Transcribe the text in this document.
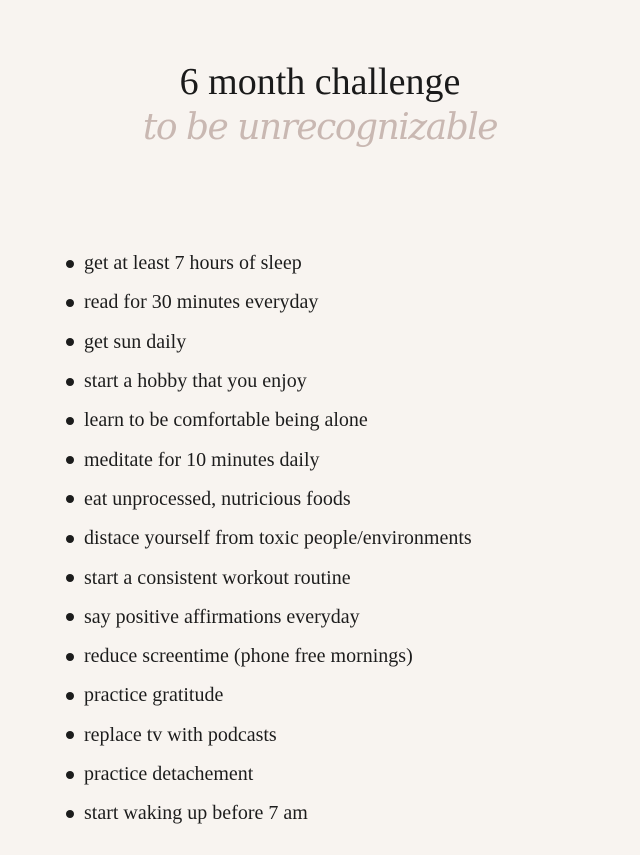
6 month challenge
to be unrecognizable
get at least 7 hours of sleep
read for 30 minutes everyday
get sun daily
start a hobby that you enjoy
learn to be comfortable being alone
meditate for 10 minutes daily
eat unprocessed, nutricious foods
distace yourself from toxic people/environments
start a consistent workout routine
say positive affirmations everyday
reduce screentime (phone free mornings)
practice gratitude
replace tv with podcasts
practice detachement
start waking up before 7 am
